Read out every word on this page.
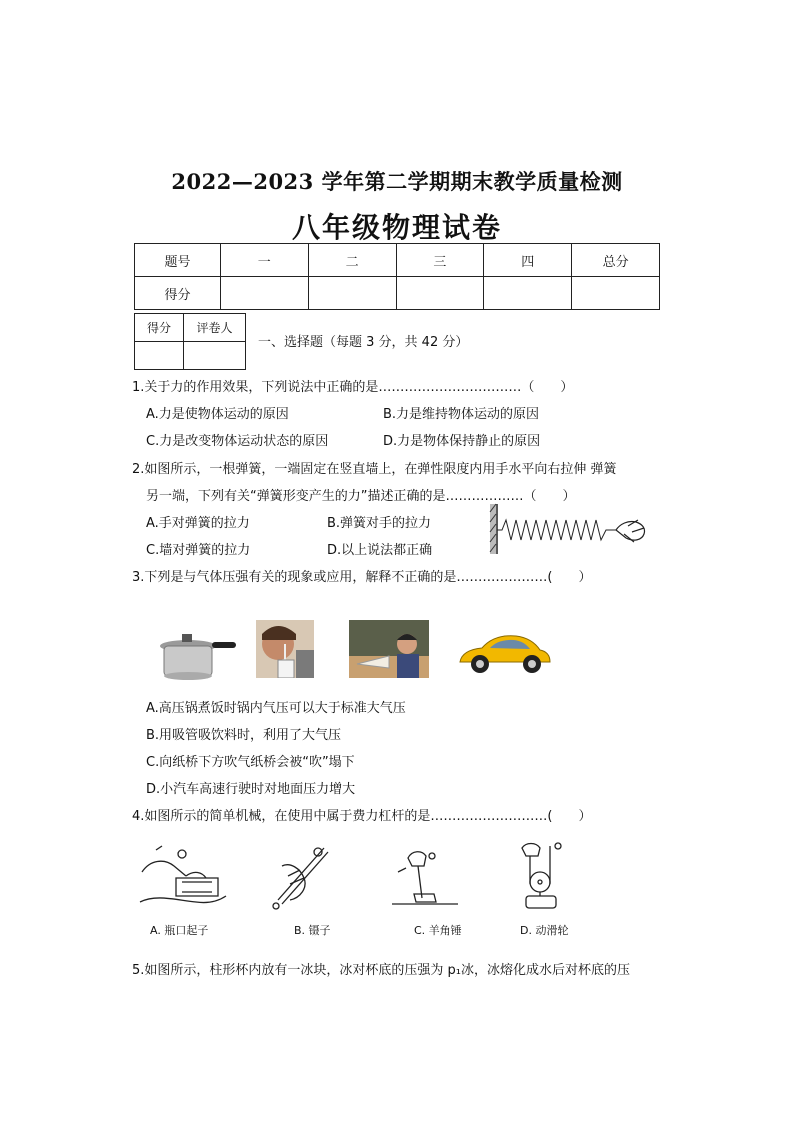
2022—2023 学年第二学期期末教学质量检测
八年级物理试卷
题号	一	二	三	四	总分
得分					
得分	评卷人

一、选择题（每题 3 分，共 42 分）
1.关于力的作用效果，下列说法中正确的是……………………………（ ）
A.力是使物体运动的原因	B.力是维持物体运动的原因
C.力是改变物体运动状态的原因	D.力是物体保持静止的原因
2.如图所示，一根弹簧，一端固定在竖直墙上，在弹性限度内用手水平向右拉伸 弹簧
另一端，下列有关“弹簧形变产生的力”描述正确的是………………（ ）
A.手对弹簧的拉力	B.弹簧对手的拉力
C.墙对弹簧的拉力	D.以上说法都正确
3.下列是与气体压强有关的现象或应用，解释不正确的是…………………( ）
A.高压锅煮饭时锅内气压可以大于标准大气压
B.用吸管吸饮料时，利用了大气压
C.向纸桥下方吹气纸桥会被“吹”塌下
D.小汽车高速行驶时对地面压力增大
4.如图所示的简单机械，在使用中属于费力杠杆的是………………………( ）
A. 瓶口起子	B. 镊子	C. 羊角锤	D. 动滑轮
5.如图所示，柱形杯内放有一冰块，冰对杯底的压强为 p₁冰，冰熔化成水后对杯底的压
